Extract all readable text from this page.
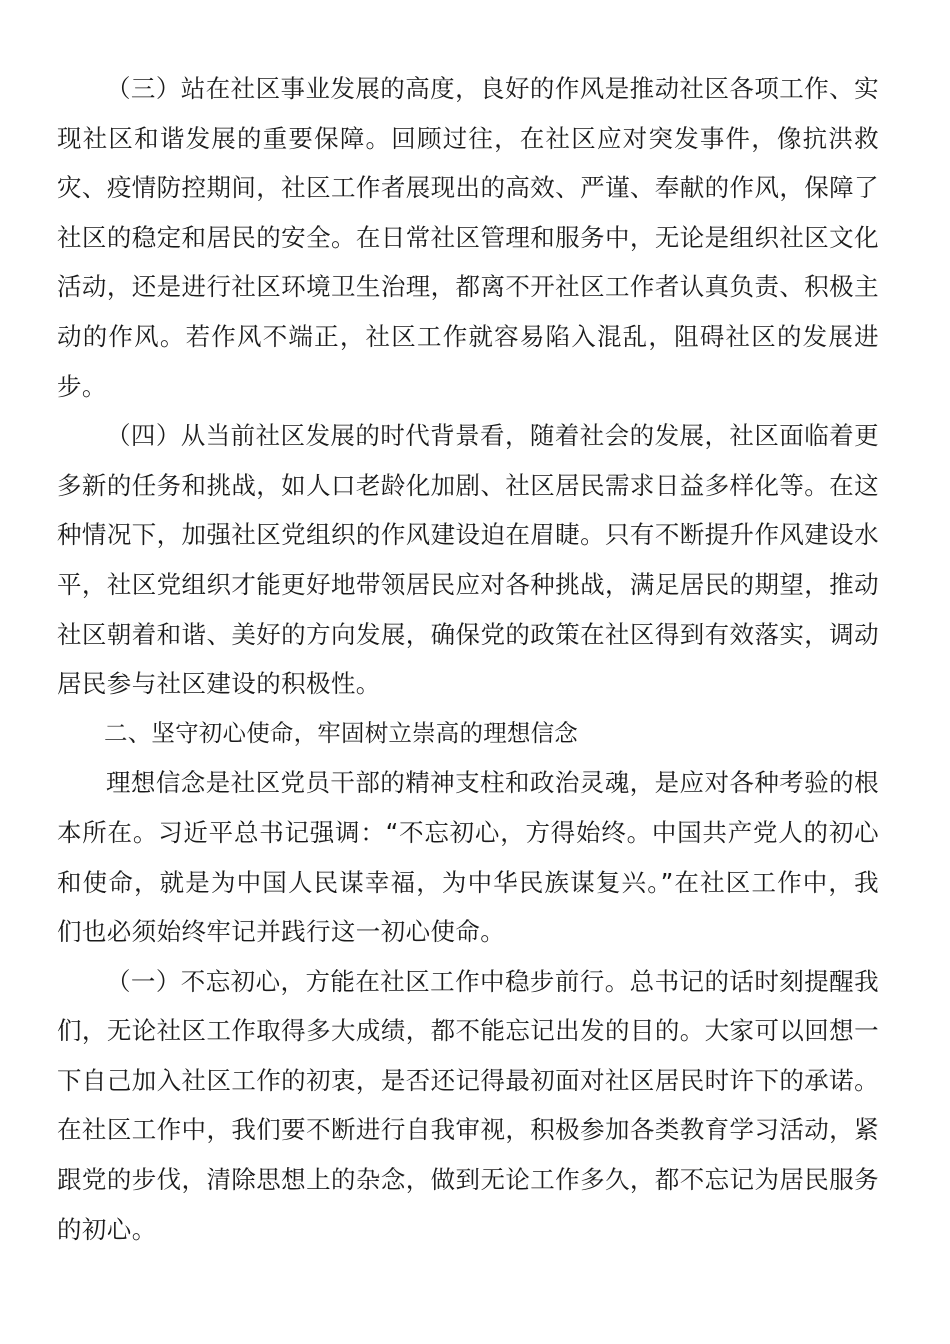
（三）站在社区事业发展的高度，良好的作风是推动社区各项工作、实现社区和谐发展的重要保障。回顾过往，在社区应对突发事件，像抗洪救灾、疫情防控期间，社区工作者展现出的高效、严谨、奉献的作风，保障了社区的稳定和居民的安全。在日常社区管理和服务中，无论是组织社区文化活动，还是进行社区环境卫生治理，都离不开社区工作者认真负责、积极主动的作风。若作风不端正，社区工作就容易陷入混乱，阻碍社区的发展进步。

（四）从当前社区发展的时代背景看，随着社会的发展，社区面临着更多新的任务和挑战，如人口老龄化加剧、社区居民需求日益多样化等。在这种情况下，加强社区党组织的作风建设迫在眉睫。只有不断提升作风建设水平，社区党组织才能更好地带领居民应对各种挑战，满足居民的期望，推动社区朝着和谐、美好的方向发展，确保党的政策在社区得到有效落实，调动居民参与社区建设的积极性。

二、坚守初心使命，牢固树立崇高的理想信念

理想信念是社区党员干部的精神支柱和政治灵魂，是应对各种考验的根本所在。习近平总书记强调：“不忘初心，方得始终。中国共产党人的初心和使命，就是为中国人民谋幸福，为中华民族谋复兴。”在社区工作中，我们也必须始终牢记并践行这一初心使命。

（一）不忘初心，方能在社区工作中稳步前行。总书记的话时刻提醒我们，无论社区工作取得多大成绩，都不能忘记出发的目的。大家可以回想一下自己加入社区工作的初衷，是否还记得最初面对社区居民时许下的承诺。在社区工作中，我们要不断进行自我审视，积极参加各类教育学习活动，紧跟党的步伐，清除思想上的杂念，做到无论工作多久，都不忘记为居民服务的初心。
